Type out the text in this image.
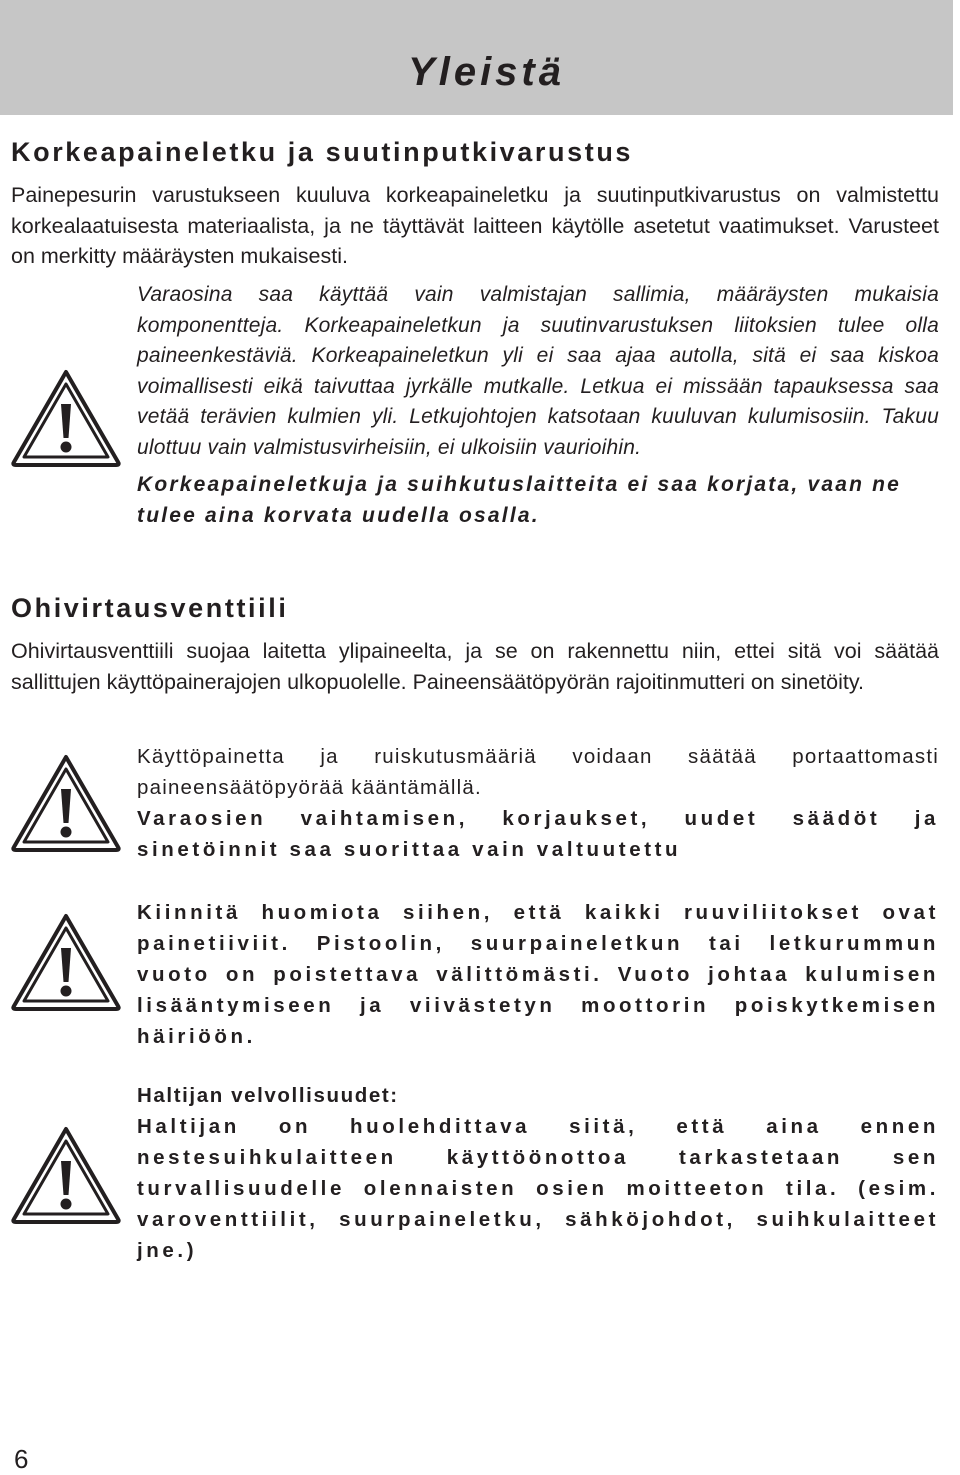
Yleistä
Korkeapaineletku ja suutinputkivarustus

Painepesurin varustukseen kuuluva korkeapaineletku ja suutinputkivarustus on valmistettu korkealaatuisesta materiaalista, ja ne täyttävät laitteen käytölle asetetut vaatimukset. Varusteet on merkitty määräysten mukaisesti.

Varaosina saa käyttää vain valmistajan sallimia, määräysten mukaisia komponentteja. Korkeapaineletkun ja suutinvarustuksen liitoksien tulee olla paineenkestäviä. Korkeapaineletkun yli ei saa ajaa autolla, sitä ei saa kiskoa voimallisesti eikä taivuttaa jyrkälle mutkalle. Letkua ei missään tapauksessa saa vetää terävien kulmien yli. Letkujohtojen katsotaan kuuluvan kulumisosiin. Takuu ulottuu vain valmistusvirheisiin, ei ulkoisiin vaurioihin.

Korkeapaineletkuja ja suihkutuslaitteita ei saa korjata, vaan ne tulee aina korvata uudella osalla.

Ohivirtausventtiili

Ohivirtausventtiili suojaa laitetta ylipaineelta, ja se on rakennettu niin, ettei sitä voi säätää sallittujen käyttöpainerajojen ulkopuolelle. Paineensäätöpyörän rajoitinmutteri on sinetöity.

Käyttöpainetta ja ruiskutusmääriä voidaan säätää portaattomasti paineensäätöpyörää kääntämällä.

Varaosien vaihtamisen, korjaukset, uudet säädöt ja sinetöinnit saa suorittaa vain valtuutettu

Kiinnitä huomiota siihen, että kaikki ruuviliitokset ovat painetiiviit. Pistoolin, suurpaineletkun tai letkurummun vuoto on poistettava välittömästi. Vuoto johtaa kulumisen lisääntymiseen ja viivästetyn moottorin poiskytkemisen häiriöön.

Haltijan velvollisuudet:

Haltijan on huolehdittava siitä, että aina ennen nestesuihkulaitteen käyttöönottoa tarkastetaan sen turvallisuudelle olennaisten osien moitteeton tila. (esim. varoventtiilit, suurpaineletku, sähköjohdot, suihkulaitteet jne.)

6
